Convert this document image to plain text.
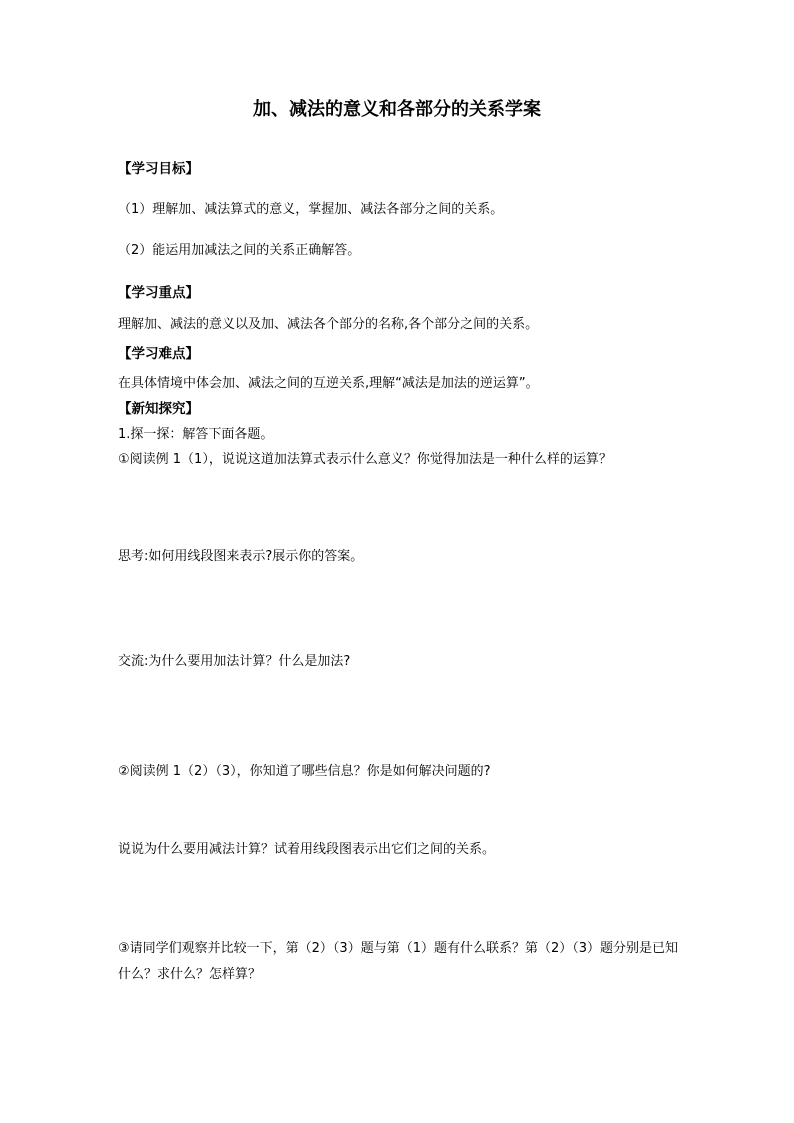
加、减法的意义和各部分的关系学案
【学习目标】
（1）理解加、减法算式的意义，掌握加、减法各部分之间的关系。
（2）能运用加减法之间的关系正确解答。
【学习重点】
理解加、减法的意义以及加、减法各个部分的名称,各个部分之间的关系。
【学习难点】
在具体情境中体会加、减法之间的互逆关系,理解“减法是加法的逆运算”。
【新知探究】
1.探一探：解答下面各题。
①阅读例 1（1），说说这道加法算式表示什么意义？你觉得加法是一种什么样的运算？
思考:如何用线段图来表示?展示你的答案。
交流:为什么要用加法计算？什么是加法?
②阅读例 1（2）（3），你知道了哪些信息？你是如何解决问题的?
说说为什么要用减法计算？试着用线段图表示出它们之间的关系。
③请同学们观察并比较一下，第（2）（3）题与第（1）题有什么联系？第（2）（3）题分别是已知什么？求什么？怎样算？
